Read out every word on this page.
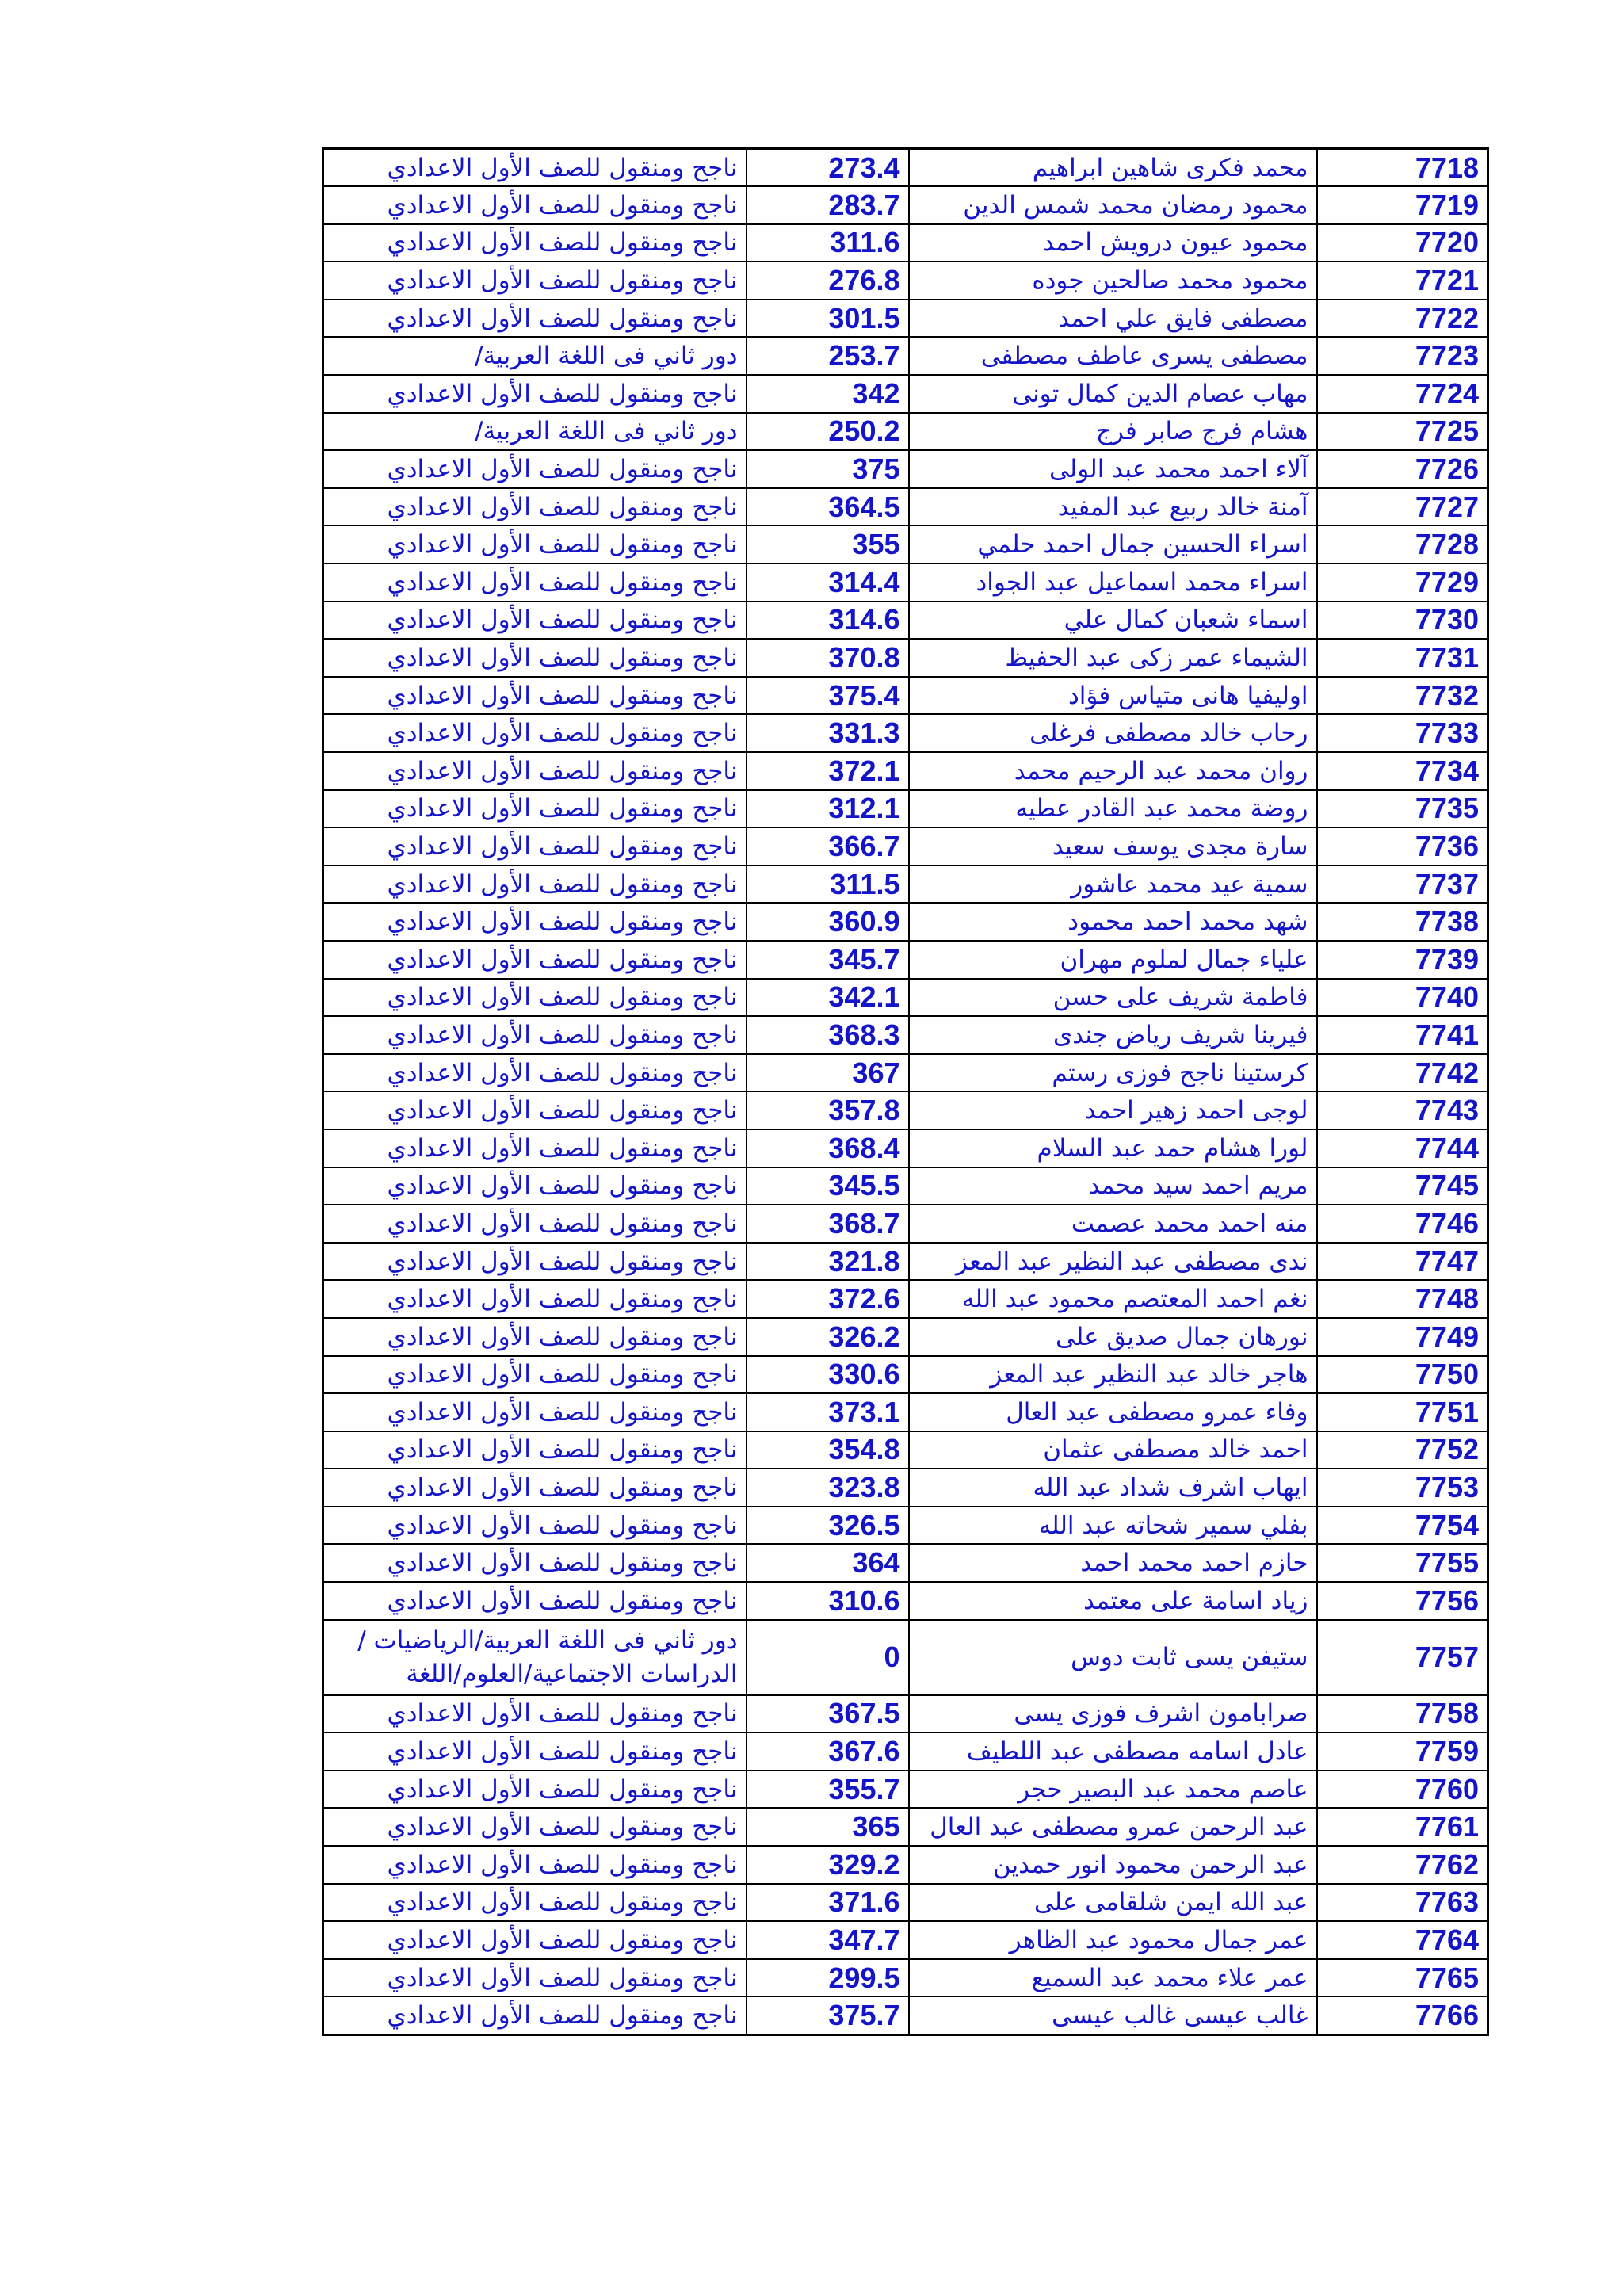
ناجح ومنقول للصف الأول الاعدادي	273.4	محمد فكرى شاهين ابراهيم	7718
ناجح ومنقول للصف الأول الاعدادي	283.7	محمود رمضان محمد شمس الدين	7719
ناجح ومنقول للصف الأول الاعدادي	311.6	محمود عيون درويش احمد	7720
ناجح ومنقول للصف الأول الاعدادي	276.8	محمود محمد صالحين جوده	7721
ناجح ومنقول للصف الأول الاعدادي	301.5	مصطفى فايق علي احمد	7722
دور ثاني فى اللغة العربية/	253.7	مصطفى يسرى عاطف مصطفى	7723
ناجح ومنقول للصف الأول الاعدادي	342	مهاب عصام الدين كمال تونى	7724
دور ثاني فى اللغة العربية/	250.2	هشام فرج صابر فرج	7725
ناجح ومنقول للصف الأول الاعدادي	375	آلاء احمد محمد عبد الولى	7726
ناجح ومنقول للصف الأول الاعدادي	364.5	آمنة خالد ربيع عبد المفيد	7727
ناجح ومنقول للصف الأول الاعدادي	355	اسراء الحسين جمال احمد حلمي	7728
ناجح ومنقول للصف الأول الاعدادي	314.4	اسراء محمد اسماعيل عبد الجواد	7729
ناجح ومنقول للصف الأول الاعدادي	314.6	اسماء شعبان كمال علي	7730
ناجح ومنقول للصف الأول الاعدادي	370.8	الشيماء عمر زكى عبد الحفيظ	7731
ناجح ومنقول للصف الأول الاعدادي	375.4	اوليفيا هانى متياس فؤاد	7732
ناجح ومنقول للصف الأول الاعدادي	331.3	رحاب خالد مصطفى فرغلى	7733
ناجح ومنقول للصف الأول الاعدادي	372.1	روان محمد عبد الرحيم محمد	7734
ناجح ومنقول للصف الأول الاعدادي	312.1	روضة محمد عبد القادر عطيه	7735
ناجح ومنقول للصف الأول الاعدادي	366.7	سارة مجدى يوسف سعيد	7736
ناجح ومنقول للصف الأول الاعدادي	311.5	سمية عيد محمد عاشور	7737
ناجح ومنقول للصف الأول الاعدادي	360.9	شهد محمد احمد محمود	7738
ناجح ومنقول للصف الأول الاعدادي	345.7	علياء جمال لملوم مهران	7739
ناجح ومنقول للصف الأول الاعدادي	342.1	فاطمة شريف على حسن	7740
ناجح ومنقول للصف الأول الاعدادي	368.3	فيرينا شريف رياض جندى	7741
ناجح ومنقول للصف الأول الاعدادي	367	كرستينا ناجح فوزى رستم	7742
ناجح ومنقول للصف الأول الاعدادي	357.8	لوجى احمد زهير احمد	7743
ناجح ومنقول للصف الأول الاعدادي	368.4	لورا هشام حمد عبد السلام	7744
ناجح ومنقول للصف الأول الاعدادي	345.5	مريم احمد سيد محمد	7745
ناجح ومنقول للصف الأول الاعدادي	368.7	منه احمد محمد عصمت	7746
ناجح ومنقول للصف الأول الاعدادي	321.8	ندى مصطفى عبد النظير عبد المعز	7747
ناجح ومنقول للصف الأول الاعدادي	372.6	نغم احمد المعتصم محمود عبد الله	7748
ناجح ومنقول للصف الأول الاعدادي	326.2	نورهان جمال صديق على	7749
ناجح ومنقول للصف الأول الاعدادي	330.6	هاجر خالد عبد النظير عبد المعز	7750
ناجح ومنقول للصف الأول الاعدادي	373.1	وفاء عمرو مصطفى عبد العال	7751
ناجح ومنقول للصف الأول الاعدادي	354.8	احمد خالد مصطفى عثمان	7752
ناجح ومنقول للصف الأول الاعدادي	323.8	ايهاب اشرف شداد عبد الله	7753
ناجح ومنقول للصف الأول الاعدادي	326.5	بفلي سمير شحاته عبد الله	7754
ناجح ومنقول للصف الأول الاعدادي	364	حازم احمد محمد احمد	7755
ناجح ومنقول للصف الأول الاعدادي	310.6	زياد اسامة على معتمد	7756
دور ثاني فى اللغة العربية/الرياضيات / الدراسات الاجتماعية/العلوم/اللغة	0	ستيفن يسى ثابت دوس	7757
ناجح ومنقول للصف الأول الاعدادي	367.5	صرابامون اشرف فوزى يسى	7758
ناجح ومنقول للصف الأول الاعدادي	367.6	عادل اسامه مصطفى عبد اللطيف	7759
ناجح ومنقول للصف الأول الاعدادي	355.7	عاصم محمد عبد البصير حجر	7760
ناجح ومنقول للصف الأول الاعدادي	365	عبد الرحمن عمرو مصطفى عبد العال	7761
ناجح ومنقول للصف الأول الاعدادي	329.2	عبد الرحمن محمود انور حمدين	7762
ناجح ومنقول للصف الأول الاعدادي	371.6	عبد الله ايمن شلقامى على	7763
ناجح ومنقول للصف الأول الاعدادي	347.7	عمر جمال محمود عبد الظاهر	7764
ناجح ومنقول للصف الأول الاعدادي	299.5	عمر علاء محمد عبد السميع	7765
ناجح ومنقول للصف الأول الاعدادي	375.7	غالب عيسى غالب عيسى	7766
